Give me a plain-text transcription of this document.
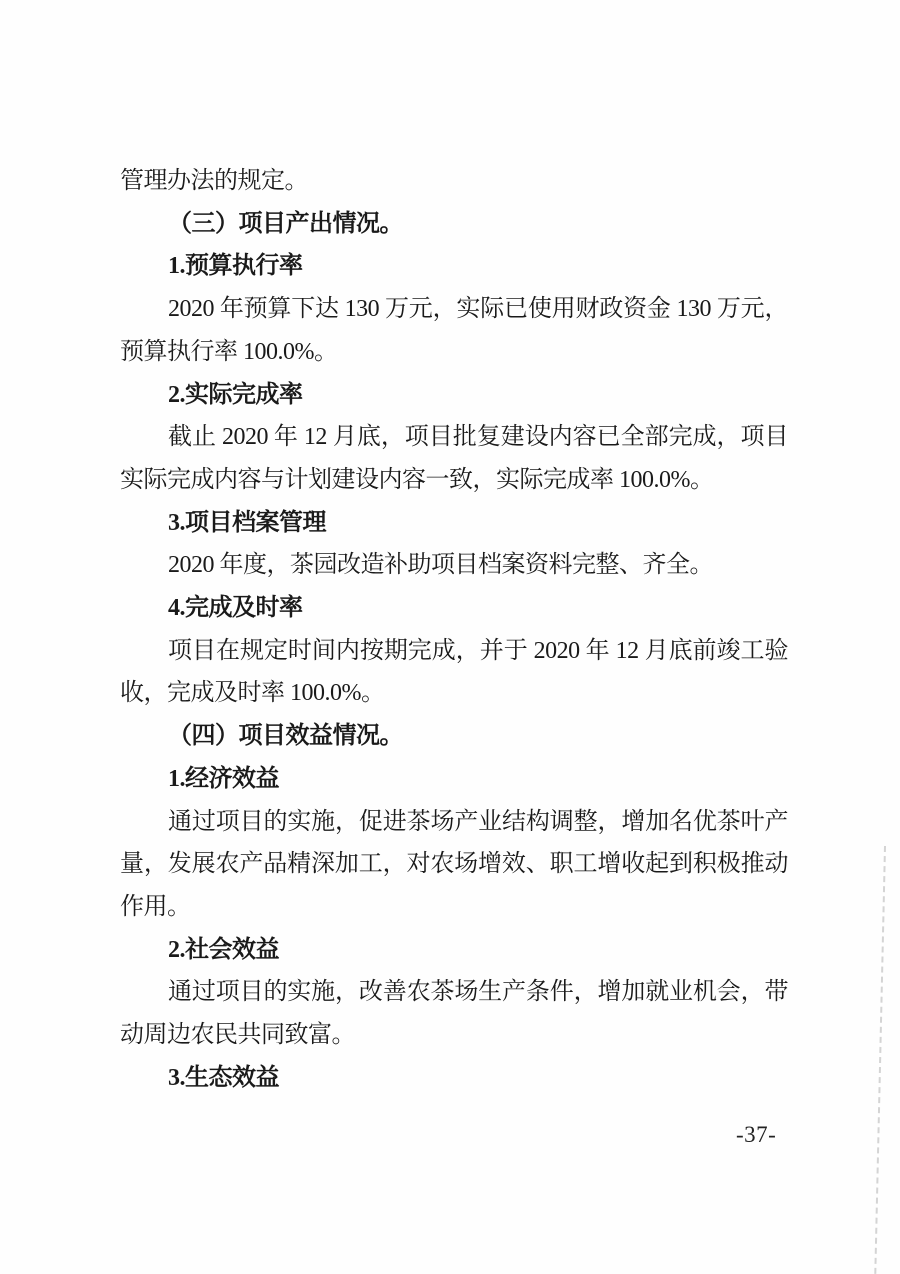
管理办法的规定。

（三）项目产出情况。

1.预算执行率

2020 年预算下达 130 万元，实际已使用财政资金 130 万元，预算执行率 100.0%。

2.实际完成率

截止 2020 年 12 月底，项目批复建设内容已全部完成，项目实际完成内容与计划建设内容一致，实际完成率 100.0%。

3.项目档案管理

2020 年度，茶园改造补助项目档案资料完整、齐全。

4.完成及时率

项目在规定时间内按期完成，并于 2020 年 12 月底前竣工验收，完成及时率 100.0%。

（四）项目效益情况。

1.经济效益

通过项目的实施，促进茶场产业结构调整，增加名优茶叶产量，发展农产品精深加工，对农场增效、职工增收起到积极推动作用。

2.社会效益

通过项目的实施，改善农茶场生产条件，增加就业机会，带动周边农民共同致富。

3.生态效益

-37-
